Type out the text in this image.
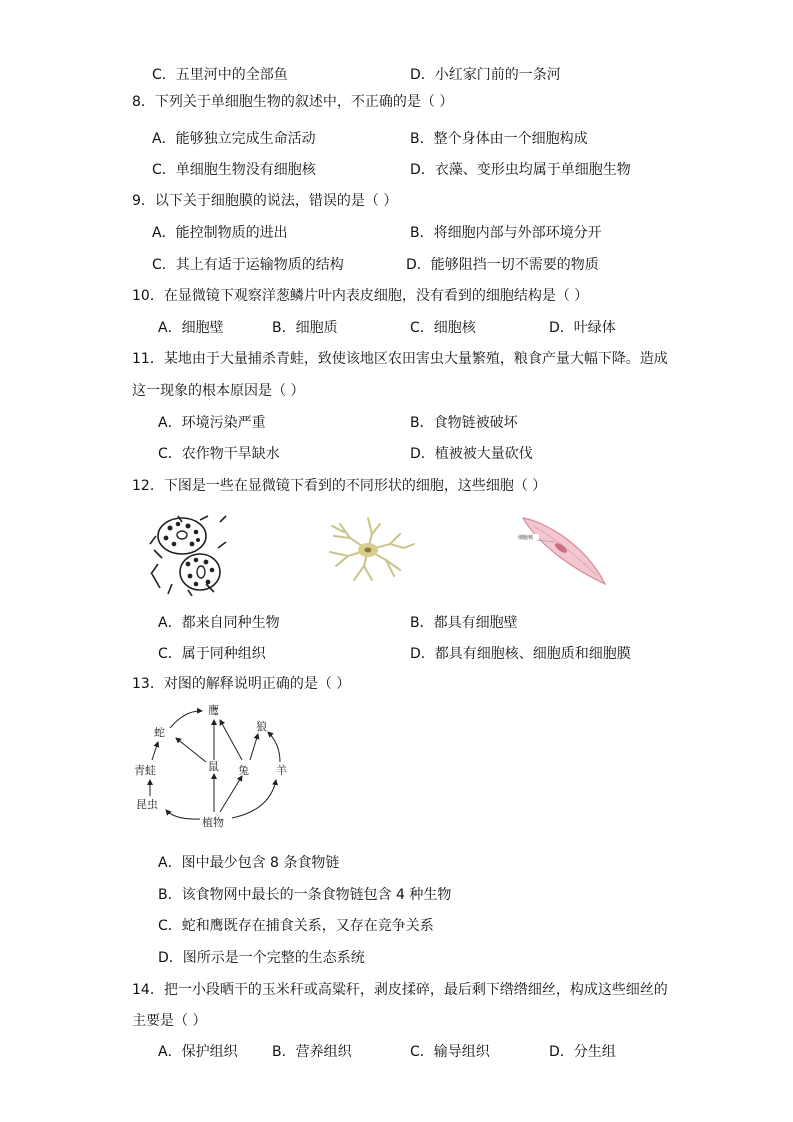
C．五里河中的全部鱼	D．小红家门前的一条河
8．下列关于单细胞生物的叙述中，不正确的是（ ）
A．能够独立完成生命活动	B．整个身体由一个细胞构成
C．单细胞生物没有细胞核	D．衣藻、变形虫均属于单细胞生物
9．以下关于细胞膜的说法，错误的是（ ）
A．能控制物质的进出	B．将细胞内部与外部环境分开
C．其上有适于运输物质的结构	D．能够阻挡一切不需要的物质
10．在显微镜下观察洋葱鳞片叶内表皮细胞，没有看到的细胞结构是（ ）
A．细胞壁	B．细胞质	C．细胞核	D．叶绿体
11．某地由于大量捕杀青蛙，致使该地区农田害虫大量繁殖，粮食产量大幅下降。造成
这一现象的根本原因是（ ）
A．环境污染严重	B．食物链被破坏
C．农作物干旱缺水	D．植被被大量砍伐
12．下图是一些在显微镜下看到的不同形状的细胞，这些细胞（ ）
细胞核
A．都来自同种生物	B．都具有细胞壁
C．属于同种组织	D．都具有细胞核、细胞质和细胞膜
13．对图的解释说明正确的是（ ）
鹰
蛇	狼
青蛙	鼠 兔 羊
昆虫
植物
A．图中最少包含 8 条食物链
B．该食物网中最长的一条食物链包含 4 种生物
C．蛇和鹰既存在捕食关系，又存在竞争关系
D．图所示是一个完整的生态系统
14．把一小段晒干的玉米秆或高粱秆，剥皮揉碎，最后剩下绺绺细丝，构成这些细丝的
主要是（ ）
A．保护组织 B．营养组织	C．输导组织	D．分生组
